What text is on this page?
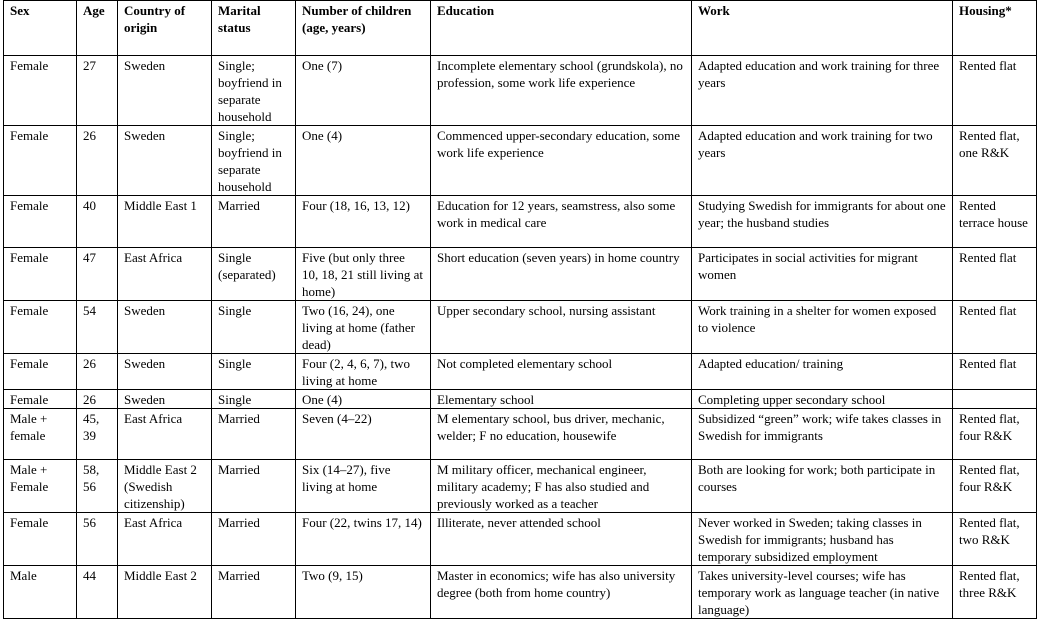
Sex	Age	Country of origin	Marital status	Number of children (age, years)	Education	Work	Housing*
Female	27	Sweden	Single; boyfriend in separate household	One (7)	Incomplete elementary school (grundskola), no profession, some work life experience	Adapted education and work training for three years	Rented flat
Female	26	Sweden	Single; boyfriend in separate household	One (4)	Commenced upper-secondary education, some work life experience	Adapted education and work training for two years	Rented flat, one R&K
Female	40	Middle East 1	Married	Four (18, 16, 13, 12)	Education for 12 years, seamstress, also some work in medical care	Studying Swedish for immigrants for about one year; the husband studies	Rented terrace house
Female	47	East Africa	Single (separated)	Five (but only three 10, 18, 21 still living at home)	Short education (seven years) in home country	Participates in social activities for migrant women	Rented flat
Female	54	Sweden	Single	Two (16, 24), one living at home (father dead)	Upper secondary school, nursing assistant	Work training in a shelter for women exposed to violence	Rented flat
Female	26	Sweden	Single	Four (2, 4, 6, 7), two living at home	Not completed elementary school	Adapted education/ training	Rented flat
Female	26	Sweden	Single	One (4)	Elementary school	Completing upper secondary school	
Male + female	45, 39	East Africa	Married	Seven (4–22)	M elementary school, bus driver, mechanic, welder; F no education, housewife	Subsidized “green” work; wife takes classes in Swedish for immigrants	Rented flat, four R&K
Male + Female	58, 56	Middle East 2 (Swedish citizenship)	Married	Six (14–27), five living at home	M military officer, mechanical engineer, military academy; F has also studied and previously worked as a teacher	Both are looking for work; both participate in courses	Rented flat, four R&K
Female	56	East Africa	Married	Four (22, twins 17, 14)	Illiterate, never attended school	Never worked in Sweden; taking classes in Swedish for immigrants; husband has temporary subsidized employment	Rented flat, two R&K
Male	44	Middle East 2	Married	Two (9, 15)	Master in economics; wife has also university degree (both from home country)	Takes university-level courses; wife has temporary work as language teacher (in native language)	Rented flat, three R&K
